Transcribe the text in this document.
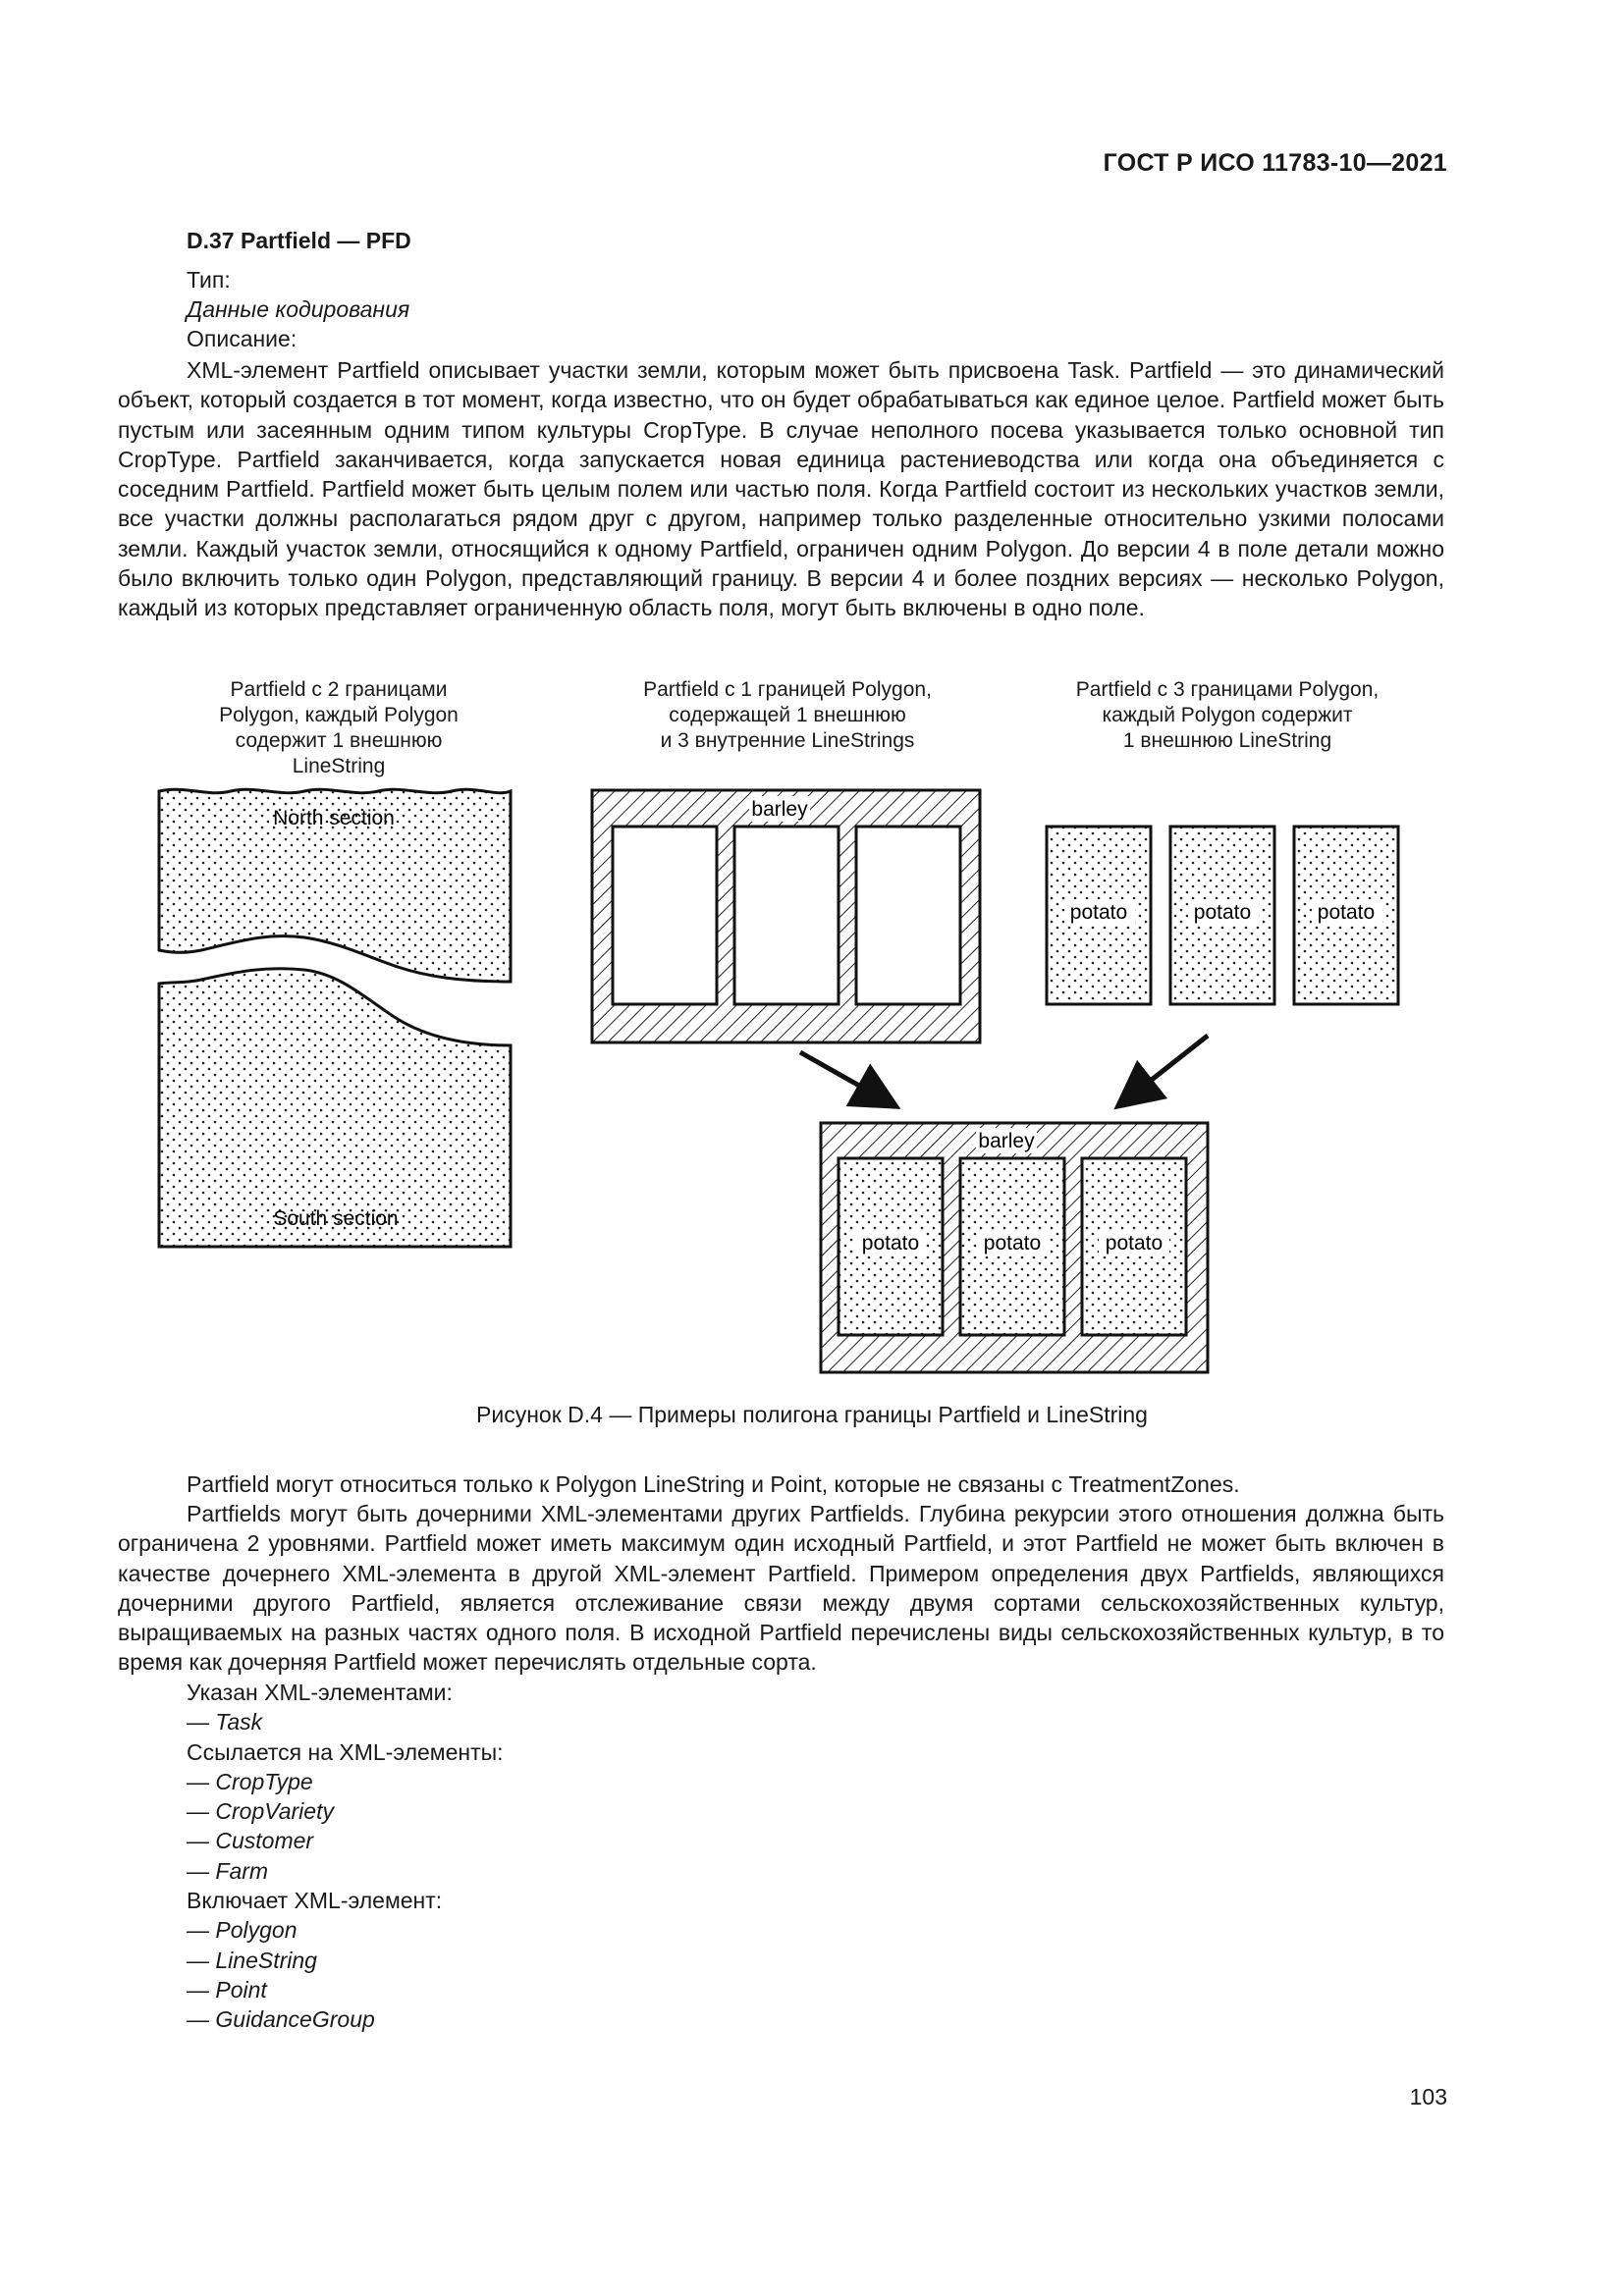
ГОСТ Р ИСО 11783-10—2021
D.37 Partfield — PFD
Тип:
Данные кодирования
Описание:

XML-элемент Partfield описывает участки земли, которым может быть присвоена Task. Partfield — это динамический объект, который создается в тот момент, когда известно, что он будет обрабатываться как единое целое. Partfield может быть пустым или засеянным одним типом культуры CropType. В случае неполного посева указывается только основной тип CropType. Partfield заканчивается, когда запускается новая единица растениеводства или когда она объединяется с соседним Partfield. Partfield может быть целым полем или частью поля. Когда Partfield состоит из нескольких участков земли, все участки должны располагаться рядом друг с другом, например только разделенные относительно узкими полосами земли. Каждый участок земли, относящийся к одному Partfield, ограничен одним Polygon. До версии 4 в поле детали можно было включить только один Polygon, представляющий границу. В версии 4 и более поздних версиях — несколько Polygon, каждый из которых представляет ограниченную область поля, могут быть включены в одно поле.

Partfield с 2 границами
Polygon, каждый Polygon
содержит 1 внешнюю
LineString
Partfield с 1 границей Polygon,
содержащей 1 внешнюю
и 3 внутренние LineStrings
Partfield с 3 границами Polygon,
каждый Polygon содержит
1 внешнюю LineString
North section
South section
barley
potato	potato	potato
barley
potato	potato	potato
Рисунок D.4 — Примеры полигона границы Partfield и LineString

Partfield могут относиться только к Polygon LineString и Point, которые не связаны с TreatmentZones.

Partfields могут быть дочерними XML-элементами других Partfields. Глубина рекурсии этого отношения должна быть ограничена 2 уровнями. Partfield может иметь максимум один исходный Partfield, и этот Partfield не может быть включен в качестве дочернего XML-элемента в другой XML-элемент Partfield. Примером определения двух Partfields, являющихся дочерними другого Partfield, является отслеживание связи между двумя сортами сельскохозяйственных культур, выращиваемых на разных частях одного поля. В исходной Partfield перечислены виды сельскохозяйственных культур, в то время как дочерняя Partfield может перечислять отдельные сорта.

Указан XML-элементами:
— Task
Ссылается на XML-элементы:
— CropType
— CropVariety
— Customer
— Farm
Включает XML-элемент:
— Polygon
— LineString
— Point
— GuidanceGroup
103
